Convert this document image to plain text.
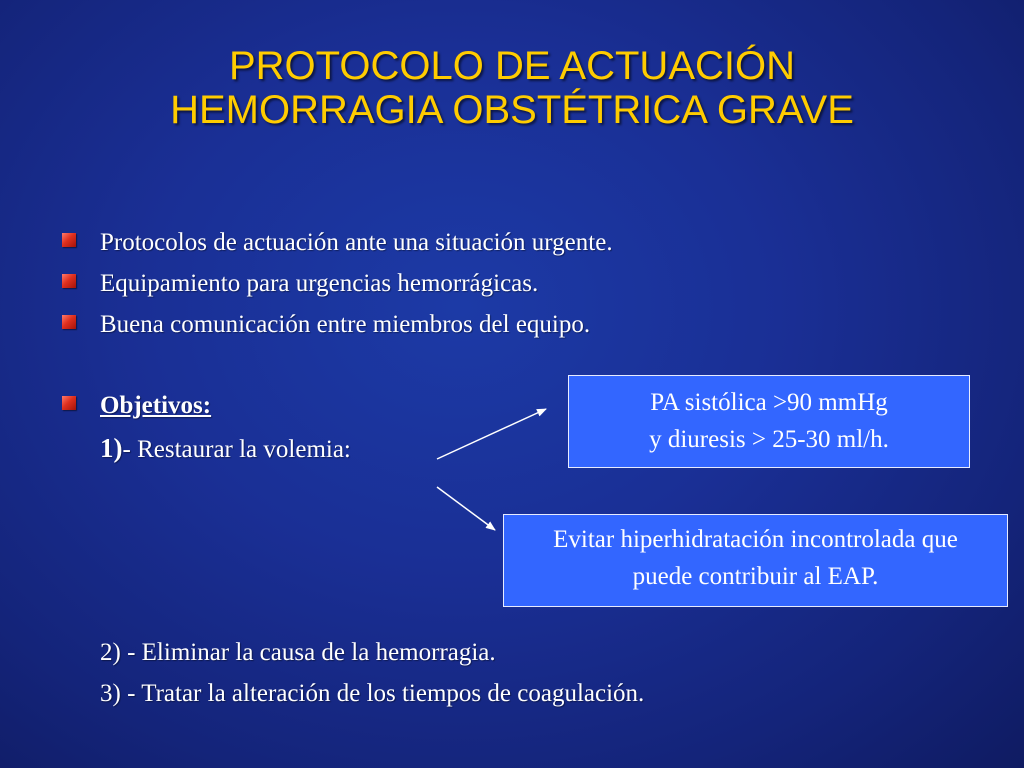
PROTOCOLO DE ACTUACIÓN
HEMORRAGIA OBSTÉTRICA GRAVE
Protocolos de actuación ante una situación urgente.
Equipamiento para urgencias hemorrágicas.
Buena comunicación entre miembros del equipo.
Objetivos:
1)- Restaurar la volemia:
PA sistólica >90 mmHg
y diuresis > 25-30 ml/h.
Evitar hiperhidratación incontrolada que
puede contribuir al EAP.
2) - Eliminar la causa de la hemorragia.
3) - Tratar la alteración de los tiempos de coagulación.
